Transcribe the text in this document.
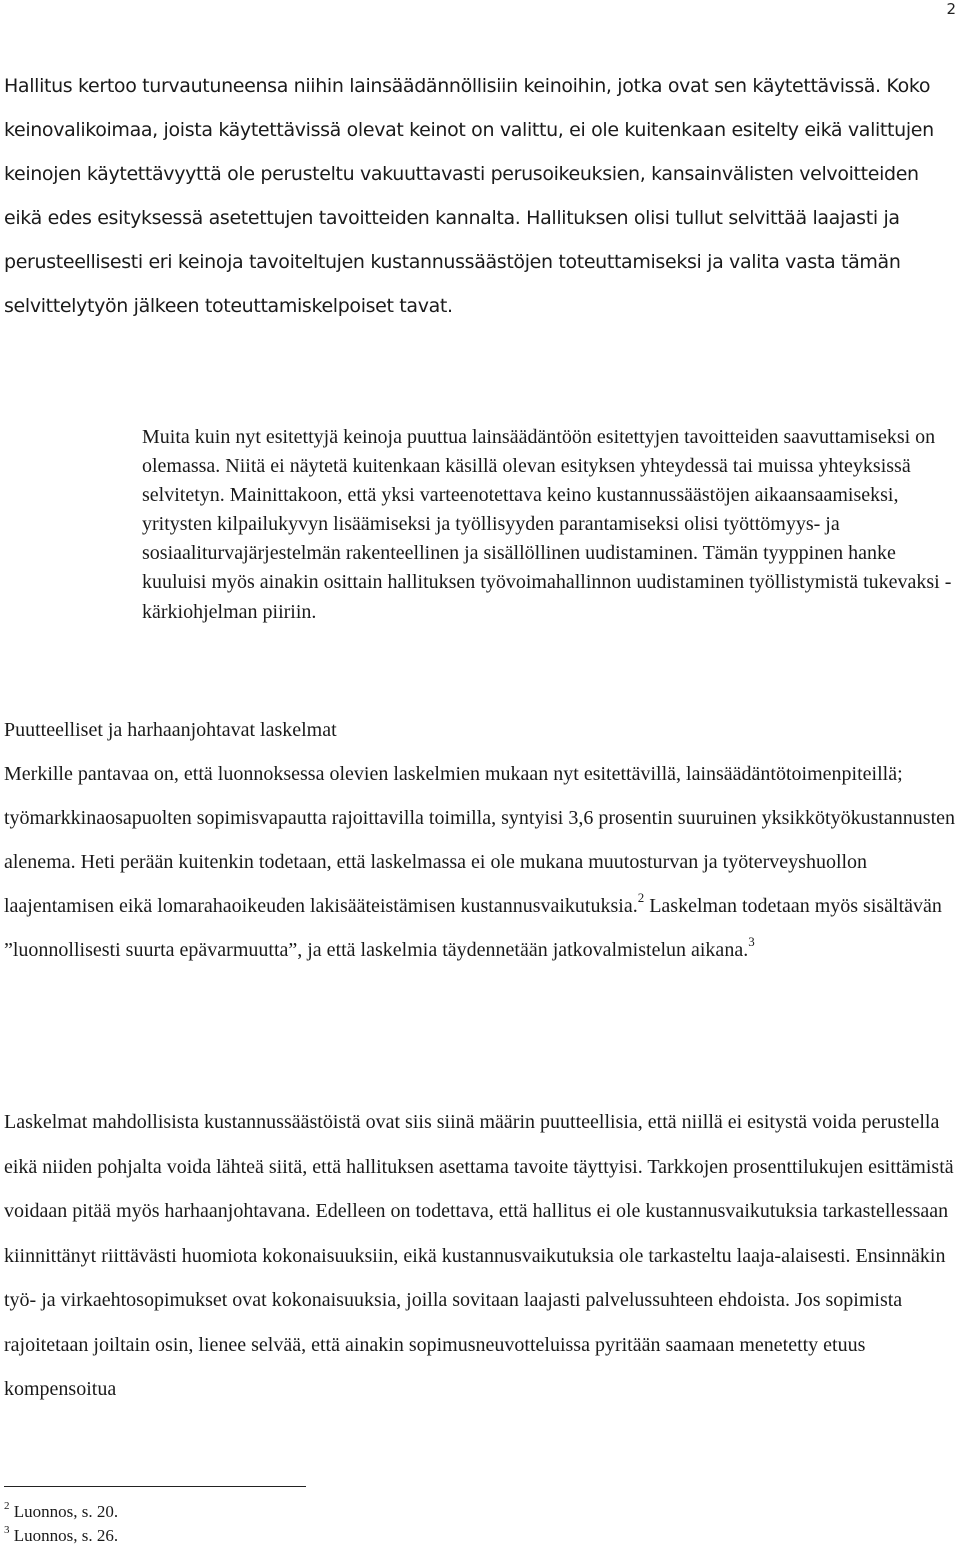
2

Hallitus kertoo turvautuneensa niihin lainsäädännöllisiin keinoihin, jotka ovat sen käytettävissä. Koko keinovalikoimaa, joista käytettävissä olevat keinot on valittu, ei ole kuitenkaan esitelty eikä valittujen keinojen käytettävyyttä ole perusteltu vakuuttavasti perusoikeuksien, kansainvälisten velvoitteiden eikä edes esityksessä asetettujen tavoitteiden kannalta. Hallituksen olisi tullut selvittää laajasti ja perusteellisesti eri keinoja tavoiteltujen kustannussäästöjen toteuttamiseksi ja valita vasta tämän selvittelytyön jälkeen toteuttamiskelpoiset tavat.

Muita kuin nyt esitettyjä keinoja puuttua lainsäädäntöön esitettyjen tavoitteiden saavuttamiseksi on olemassa. Niitä ei näytetä kuitenkaan käsillä olevan esityksen yhteydessä tai muissa yhteyksissä selvitetyn. Mainittakoon, että yksi varteenotettava keino kustannussäästöjen aikaansaamiseksi, yritysten kilpailukyvyn lisäämiseksi ja työllisyyden parantamiseksi olisi työttömyys- ja sosiaaliturvajärjestelmän rakenteellinen ja sisällöllinen uudistaminen. Tämän tyyppinen hanke kuuluisi myös ainakin osittain hallituksen työvoimahallinnon uudistaminen työllistymistä tukevaksi -kärkiohjelman piiriin.

Puutteelliset ja harhaanjohtavat laskelmat

Merkille pantavaa on, että luonnoksessa olevien laskelmien mukaan nyt esitettävillä, lainsäädäntötoimenpiteillä; työmarkkinaosapuolten sopimisvapautta rajoittavilla toimilla, syntyisi 3,6 prosentin suuruinen yksikkötyökustannusten alenema. Heti perään kuitenkin todetaan, että laskelmassa ei ole mukana muutosturvan ja työterveyshuollon laajentamisen eikä lomarahaoikeuden lakisääteistämisen kustannusvaikutuksia.$^2$ Laskelman todetaan myös sisältävän ”luonnollisesti suurta epävarmuutta”, ja että laskelmia täydennetään jatkovalmistelun aikana.$^3$

Laskelmat mahdollisista kustannussäästöistä ovat siis siinä määrin puutteellisia, että niillä ei esitystä voida perustella eikä niiden pohjalta voida lähteä siitä, että hallituksen asettama tavoite täyttyisi. Tarkkojen prosenttilukujen esittämistä voidaan pitää myös harhaanjohtavana. Edelleen on todettava, että hallitus ei ole kustannusvaikutuksia tarkastellessaan kiinnittänyt riittävästi huomiota kokonaisuuksiin, eikä kustannusvaikutuksia ole tarkasteltu laaja-alaisesti. Ensinnäkin työ- ja virkaehtosopimukset ovat kokonaisuuksia, joilla sovitaan laajasti palvelussuhteen ehdoista. Jos sopimista rajoitetaan joiltain osin, lienee selvää, että ainakin sopimusneuvotteluissa pyritään saamaan menetetty etuus kompensoitua

$^2$ Luonnos, s. 20.
$^3$ Luonnos, s. 26.
